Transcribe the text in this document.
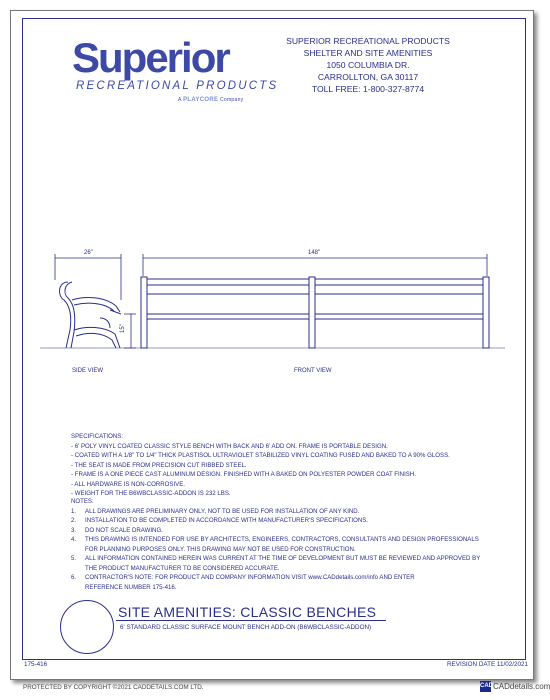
Superior
RECREATIONAL PRODUCTS
A PLAYCORE Company
SUPERIOR RECREATIONAL PRODUCTS
SHELTER AND SITE AMENITIES
1050 COLUMBIA DR.
CARROLLTON, GA 30117
TOLL FREE: 1-800-327-8774
26"	148"
15"
SIDE VIEW	FRONT VIEW
SPECIFICATIONS:
- 6' POLY VINYL COATED CLASSIC STYLE BENCH WITH BACK AND 6' ADD ON. FRAME IS PORTABLE DESIGN.
- COATED WITH A 1/8" TO 1/4" THICK PLASTISOL ULTRAVIOLET STABILIZED VINYL COATING FUSED AND BAKED TO A 90% GLOSS.
- THE SEAT IS MADE FROM PRECISION CUT RIBBED STEEL.
- FRAME IS A ONE PIECE CAST ALUMINUM DESIGN. FINISHED WITH A BAKED ON POLYESTER POWDER COAT FINISH.
- ALL HARDWARE IS NON-CORROSIVE.
- WEIGHT FOR THE B6WBCLASSIC-ADDON IS 232 LBS.
NOTES:
1.	ALL DRAWINGS ARE PRELIMINARY ONLY, NOT TO BE USED FOR INSTALLATION OF ANY KIND.
2.	INSTALLATION TO BE COMPLETED IN ACCORDANCE WITH MANUFACTURER'S SPECIFICATIONS.
3.	DO NOT SCALE DRAWING.
4.	THIS DRAWING IS INTENDED FOR USE BY ARCHITECTS, ENGINEERS, CONTRACTORS, CONSULTANTS AND DESIGN PROFESSIONALS
FOR PLANNING PURPOSES ONLY. THIS DRAWING MAY NOT BE USED FOR CONSTRUCTION.
5.	ALL INFORMATION CONTAINED HEREIN WAS CURRENT AT THE TIME OF DEVELOPMENT BUT MUST BE REVIEWED AND APPROVED BY
THE PRODUCT MANUFACTURER TO BE CONSIDERED ACCURATE.
6.	CONTRACTOR'S NOTE: FOR PRODUCT AND COMPANY INFORMATION VISIT www.CADdetails.com/info AND ENTER
REFERENCE NUMBER 175-416.
SITE AMENITIES: CLASSIC BENCHES
6' STANDARD CLASSIC SURFACE MOUNT BENCH ADD-ON (B6WBCLASSIC-ADDON)
175-416	REVISION DATE 11/02/2021
PROTECTED BY COPYRIGHT ©2021 CADDETAILS.COM LTD.	CAD CADdetails.com
